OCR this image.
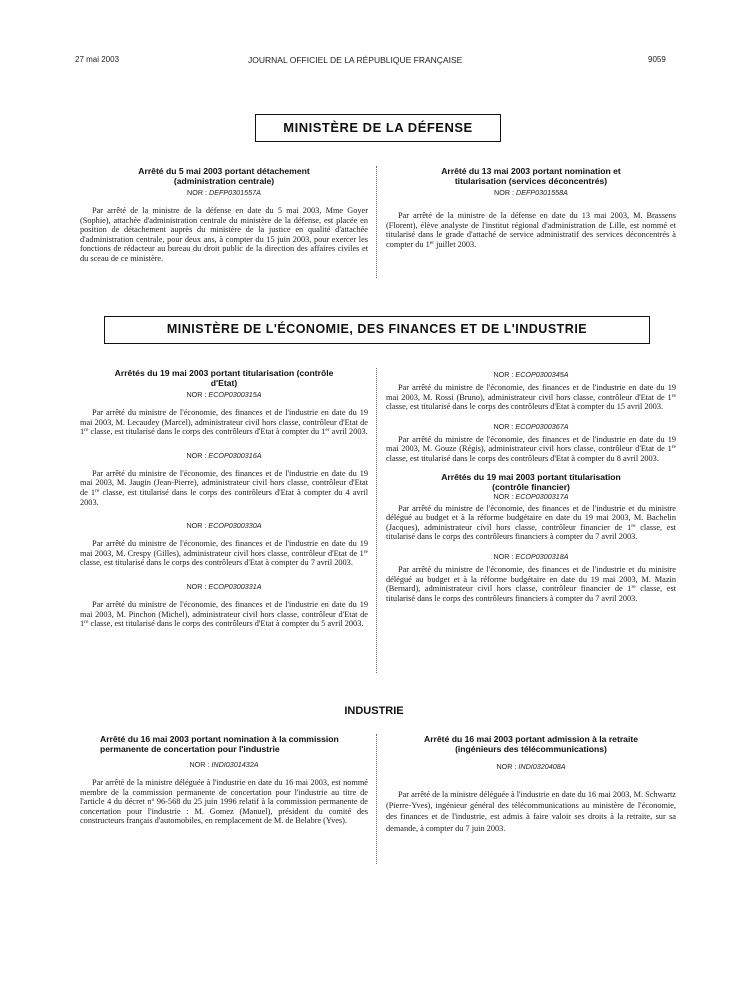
27 mai 2003	JOURNAL OFFICIEL DE LA RÉPUBLIQUE FRANÇAISE	9059
MINISTÈRE DE LA DÉFENSE

Arrêté du 5 mai 2003 portant détachement (administration centrale)

NOR : DEFP0301557A

Par arrêté de la ministre de la défense en date du 5 mai 2003, Mme Goyer (Sophie), attachée d'administration centrale du ministère de la défense, est placée en position de détachement auprès du ministère de la justice en qualité d'attachée d'administration centrale, pour deux ans, à compter du 15 juin 2003, pour exercer les fonctions de rédacteur au bureau du droit public de la direction des affaires civiles et du sceau de ce ministère.

Arrêté du 13 mai 2003 portant nomination et titularisation (services déconcentrés)

NOR : DEFP0301558A

Par arrêté de la ministre de la défense en date du 13 mai 2003, M. Brassens (Florent), élève analyste de l'institut régional d'administration de Lille, est nommé et titularisé dans le grade d'attaché de service administratif des services déconcentrés à compter du 1er juillet 2003.

MINISTÈRE DE L'ÉCONOMIE, DES FINANCES ET DE L'INDUSTRIE

Arrêtés du 19 mai 2003 portant titularisation (contrôle d'Etat)

NOR : ECOP0300315A

Par arrêté du ministre de l'économie, des finances et de l'industrie en date du 19 mai 2003, M. Lecaudey (Marcel), administrateur civil hors classe, contrôleur d'Etat de 1re classe, est titularisé dans le corps des contrôleurs d'Etat à compter du 1er avril 2003.

NOR : ECOP0300316A

Par arrêté du ministre de l'économie, des finances et de l'industrie en date du 19 mai 2003, M. Jaugin (Jean-Pierre), administrateur civil hors classe, contrôleur d'Etat de 1re classe, est titularisé dans le corps des contrôleurs d'Etat à compter du 4 avril 2003.

NOR : ECOP0300330A

Par arrêté du ministre de l'économie, des finances et de l'industrie en date du 19 mai 2003, M. Crespy (Gilles), administrateur civil hors classe, contrôleur d'Etat de 1re classe, est titularisé dans le corps des contrôleurs d'Etat à compter du 7 avril 2003.

NOR : ECOP0300331A

Par arrêté du ministre de l'économie, des finances et de l'industrie en date du 19 mai 2003, M. Pinchon (Michel), administrateur civil hors classe, contrôleur d'Etat de 1re classe, est titularisé dans le corps des contrôleurs d'Etat à compter du 5 avril 2003.

NOR : ECOP0300345A

Par arrêté du ministre de l'économie, des finances et de l'industrie en date du 19 mai 2003, M. Rossi (Bruno), administrateur civil hors classe, contrôleur d'Etat de 1re classe, est titularisé dans le corps des contrôleurs d'Etat à compter du 15 avril 2003.

NOR : ECOP0300367A

Par arrêté du ministre de l'économie, des finances et de l'industrie en date du 19 mai 2003, M. Gouze (Régis), administrateur civil hors classe, contrôleur d'Etat de 1re classe, est titularisé dans le corps des contrôleurs d'Etat à compter du 8 avril 2003.

Arrêtés du 19 mai 2003 portant titularisation (contrôle financier)

NOR : ECOP0300317A

Par arrêté du ministre de l'économie, des finances et de l'industrie et du ministre délégué au budget et à la réforme budgétaire en date du 19 mai 2003, M. Bachelin (Jacques), administrateur civil hors classe, contrôleur financier de 1re classe, est titularisé dans le corps des contrôleurs financiers à compter du 7 avril 2003.

NOR : ECOP0300318A

Par arrêté du ministre de l'économie, des finances et de l'industrie et du ministre délégué au budget et à la réforme budgétaire en date du 19 mai 2003, M. Mazin (Bernard), administrateur civil hors classe, contrôleur financier de 1re classe, est titularisé dans le corps des contrôleurs financiers à compter du 7 avril 2003.

INDUSTRIE

Arrêté du 16 mai 2003 portant nomination à la commission permanente de concertation pour l'industrie

NOR : INDI0301432A

Par arrêté de la ministre déléguée à l'industrie en date du 16 mai 2003, est nommé membre de la commission permanente de concertation pour l'industrie au titre de l'article 4 du décret $n^o$ 96-568 du 25 juin 1996 relatif à la commission permanente de concertation pour l'industrie : M. Gomez (Manuel), président du comité des constructeurs français d'automobiles, en remplacement de M. de Belabre (Yves).

Arrêté du 16 mai 2003 portant admission à la retraite (ingénieurs des télécommunications)

NOR : INDI0320408A

Par arrêté de la ministre déléguée à l'industrie en date du 16 mai 2003, M. Schwartz (Pierre-Yves), ingénieur général des télécommunications au ministère de l'économie, des finances et de l'industrie, est admis à faire valoir ses droits à la retraite, sur sa demande, à compter du 7 juin 2003.
